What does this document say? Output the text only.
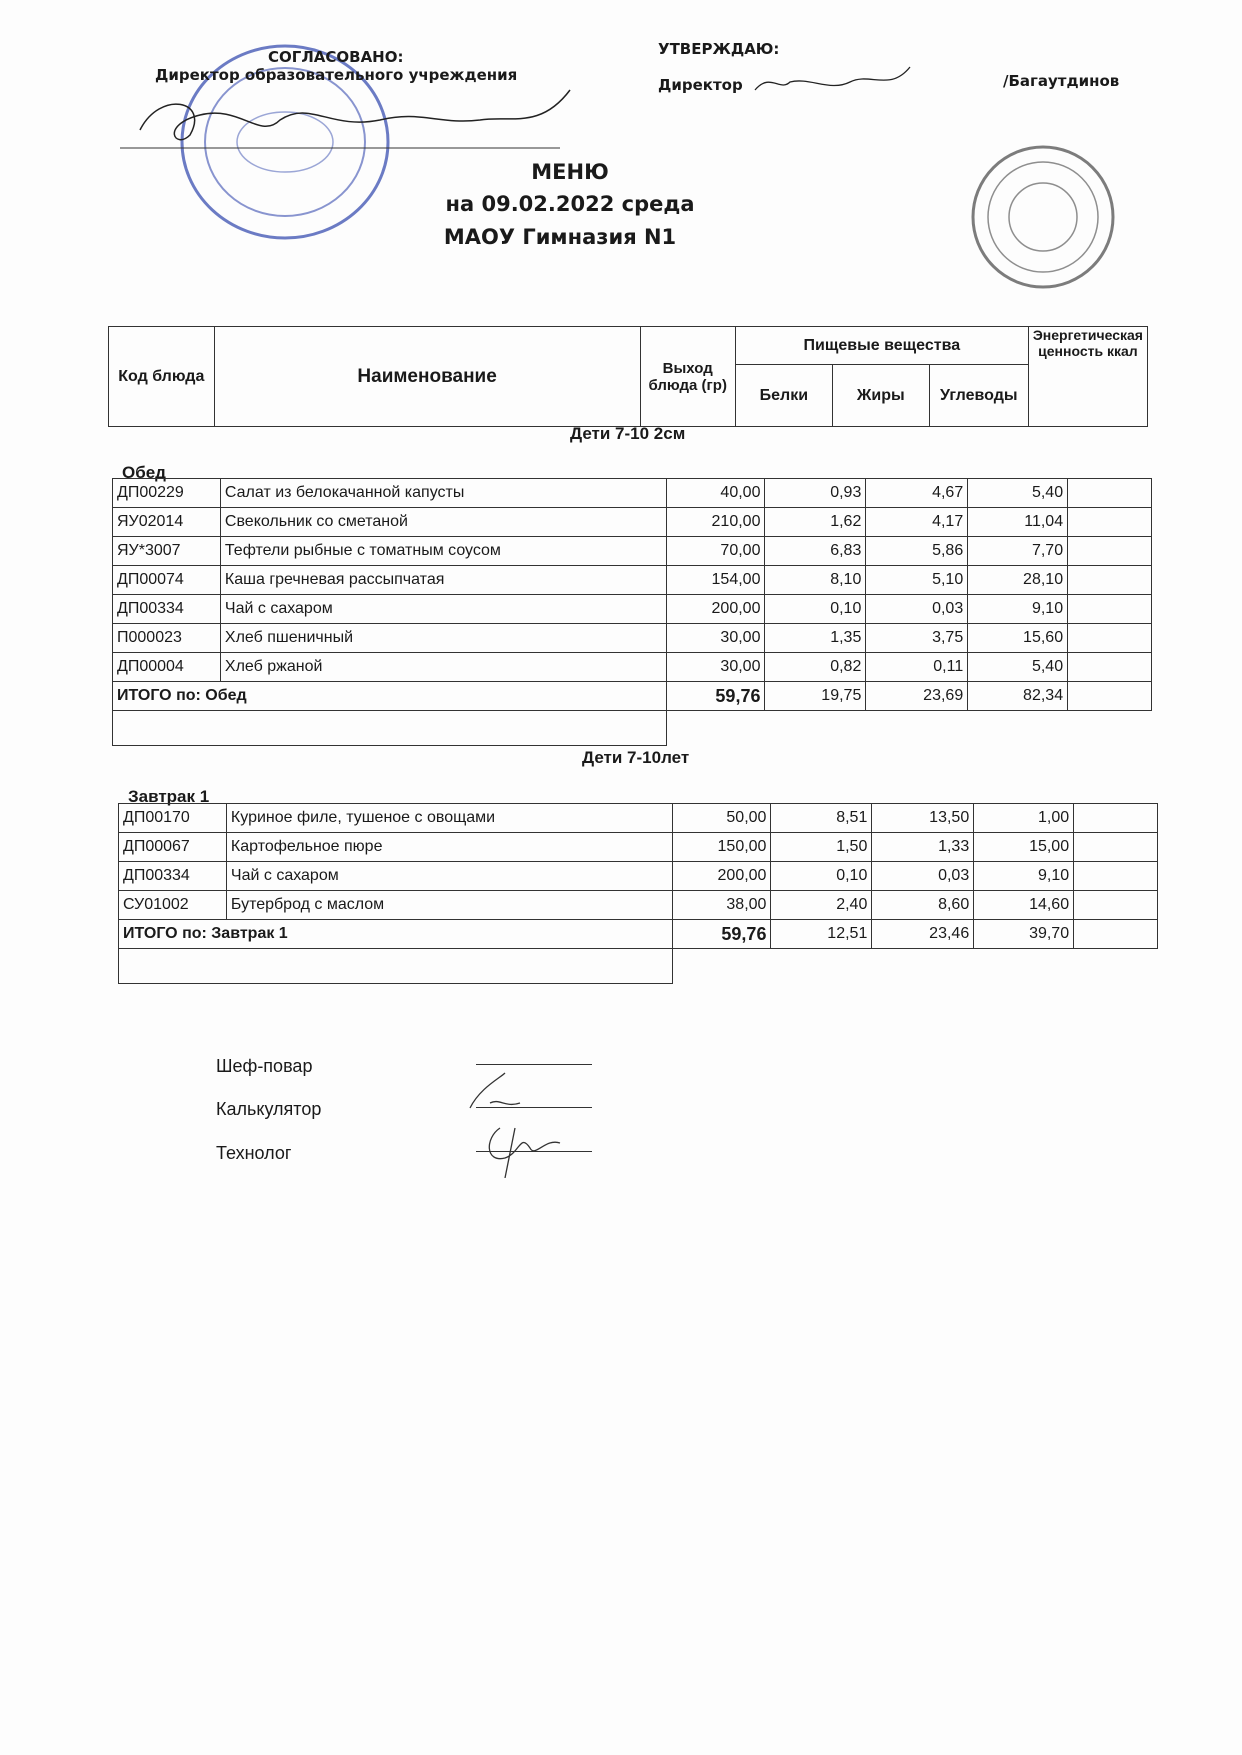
СОГЛАСОВАНО:
Директор образовательного учреждения
УТВЕРЖДАЮ:
Директор	/Багаутдинов
МЕНЮ
на 09.02.2022 среда
МАОУ Гимназия N1
Код блюда	Наименование	Выход блюда (гр)	Пищевые вещества			Энергетическая ценность ккал
			Белки	Жиры	Углеводы	
Дети 7-10 2см
Обед
ДП00229	Салат из белокачанной капусты	40,00	0,93	4,67	5,40	
ЯУ02014	Свекольник со сметаной	210,00	1,62	4,17	11,04	
ЯУ*3007	Тефтели рыбные с томатным соусом	70,00	6,83	5,86	7,70	
ДП00074	Каша гречневая рассыпчатая	154,00	8,10	5,10	28,10	
ДП00334	Чай с сахаром	200,00	0,10	0,03	9,10	
П000023	Хлеб пшеничный	30,00	1,35	3,75	15,60	
ДП00004	Хлеб ржаной	30,00	0,82	0,11	5,40	
ИТОГО по: Обед		59,76	19,75	23,69	82,34	

Дети 7-10лет
Завтрак 1
ДП00170	Куриное филе, тушеное с овощами	50,00	8,51	13,50	1,00	
ДП00067	Картофельное пюре	150,00	1,50	1,33	15,00	
ДП00334	Чай с сахаром	200,00	0,10	0,03	9,10	
СУ01002	Бутерброд с маслом	38,00	2,40	8,60	14,60	
ИТОГО по: Завтрак 1		59,76	12,51	23,46	39,70	

Шеф-повар
Калькулятор
Технолог
